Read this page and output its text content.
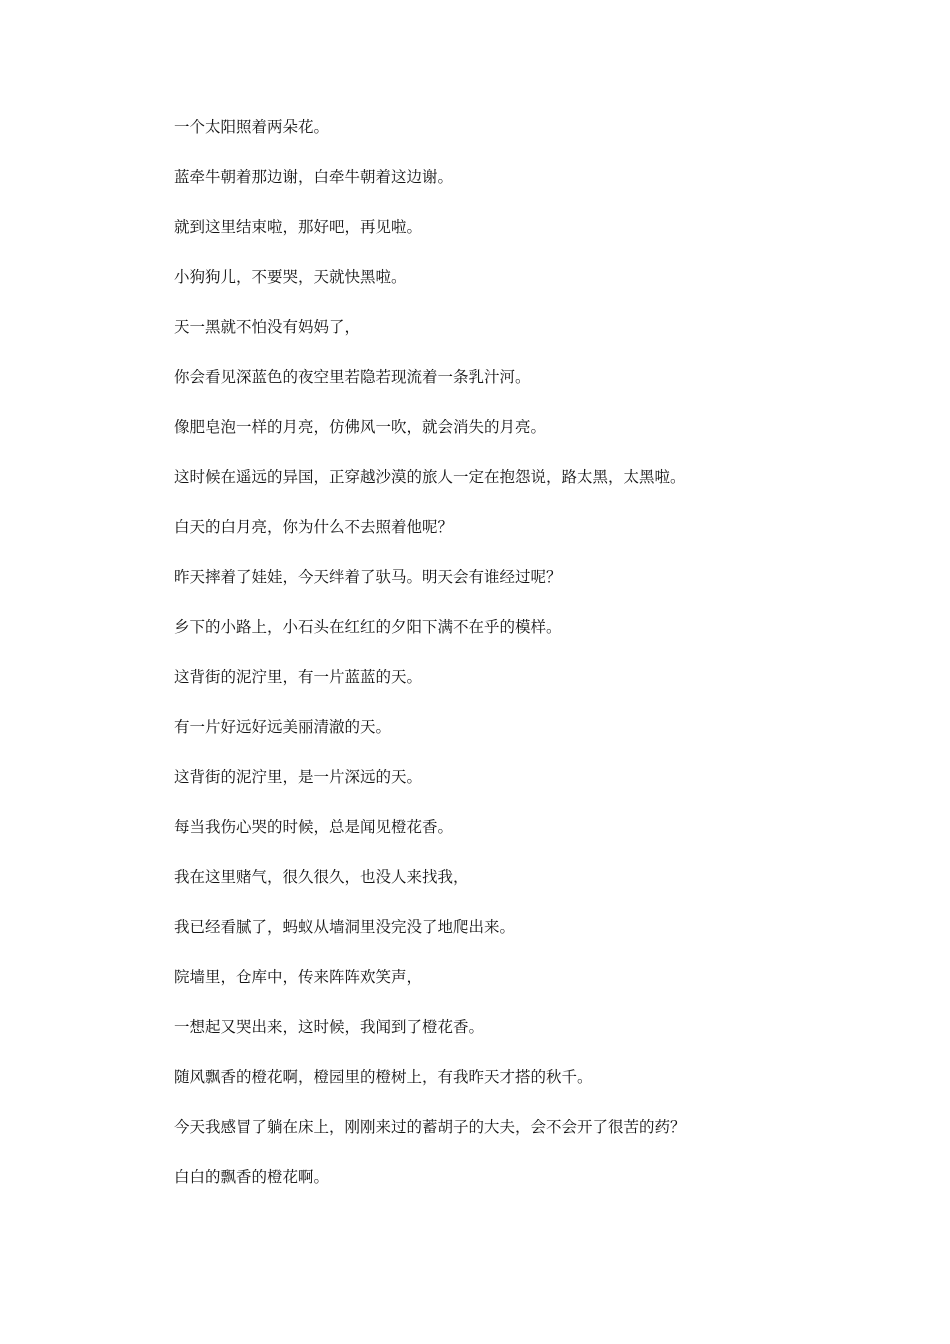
一个太阳照着两朵花。

蓝牵牛朝着那边谢，白牵牛朝着这边谢。

就到这里结束啦，那好吧，再见啦。

小狗狗儿，不要哭，天就快黑啦。

天一黑就不怕没有妈妈了，

你会看见深蓝色的夜空里若隐若现流着一条乳汁河。

像肥皂泡一样的月亮，仿佛风一吹，就会消失的月亮。

这时候在遥远的异国，正穿越沙漠的旅人一定在抱怨说，路太黑，太黑啦。

白天的白月亮，你为什么不去照着他呢？

昨天摔着了娃娃，今天绊着了驮马。明天会有谁经过呢？

乡下的小路上，小石头在红红的夕阳下满不在乎的模样。

这背街的泥泞里，有一片蓝蓝的天。

有一片好远好远美丽清澈的天。

这背街的泥泞里，是一片深远的天。

每当我伤心哭的时候，总是闻见橙花香。

我在这里赌气，很久很久，也没人来找我，

我已经看腻了，蚂蚁从墙洞里没完没了地爬出来。

院墙里，仓库中，传来阵阵欢笑声，

一想起又哭出来，这时候，我闻到了橙花香。

随风飘香的橙花啊，橙园里的橙树上，有我昨天才搭的秋千。

今天我感冒了躺在床上，刚刚来过的蓄胡子的大夫，会不会开了很苦的药？

白白的飘香的橙花啊。
